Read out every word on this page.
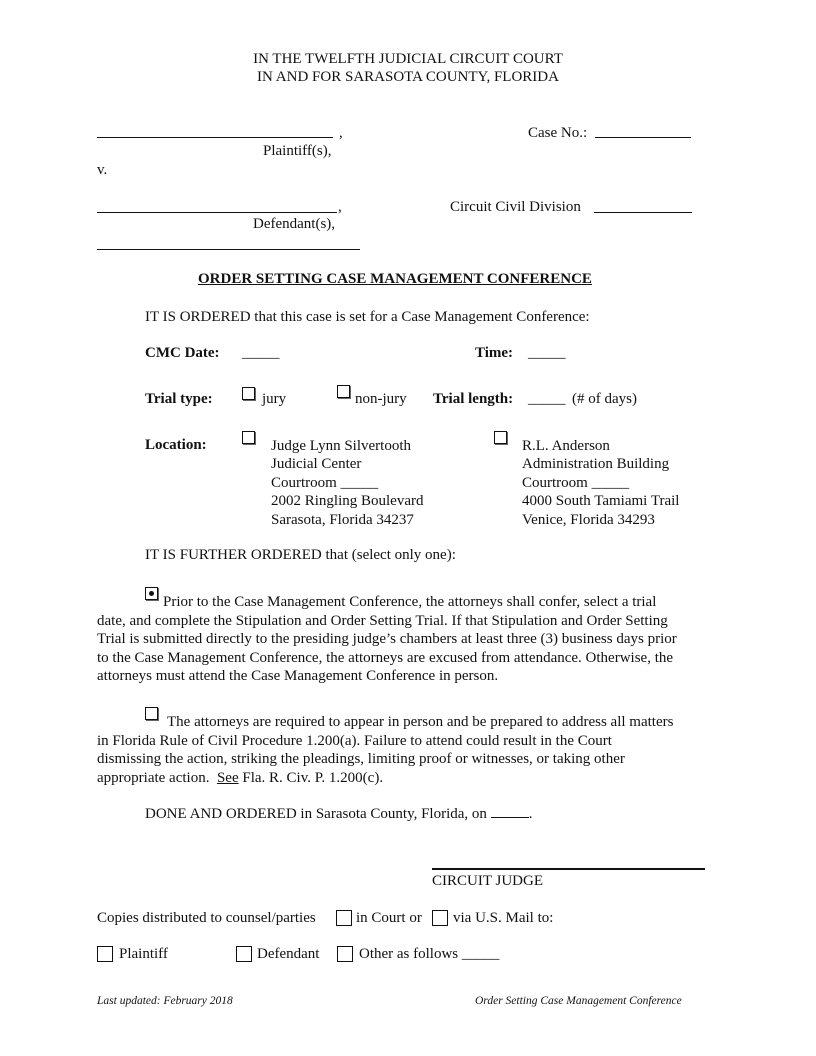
IN THE TWELFTH JUDICIAL CIRCUIT COURT
IN AND FOR SARASOTA COUNTY, FLORIDA
,
Plaintiff(s),
v.
,
Defendant(s),
Case No.:
Circuit Civil Division
ORDER SETTING CASE MANAGEMENT CONFERENCE
IT IS ORDERED that this case is set for a Case Management Conference:
CMC Date: _____	Time: _____
Trial type:	jury	non-jury Trial length: _____ (# of days)
Location:	Judge Lynn Silvertooth
Judicial Center
Courtroom _____
2002 Ringling Boulevard
Sarasota, Florida 34237
R.L. Anderson
Administration Building
Courtroom _____
4000 South Tamiami Trail
Venice, Florida 34293
IT IS FURTHER ORDERED that (select only one):
Prior to the Case Management Conference, the attorneys shall confer, select a trial
date, and complete the Stipulation and Order Setting Trial. If that Stipulation and Order Setting
Trial is submitted directly to the presiding judge’s chambers at least three (3) business days prior
to the Case Management Conference, the attorneys are excused from attendance. Otherwise, the
attorneys must attend the Case Management Conference in person.
The attorneys are required to appear in person and be prepared to address all matters
in Florida Rule of Civil Procedure 1.200(a). Failure to attend could result in the Court
dismissing the action, striking the pleadings, limiting proof or witnesses, or taking other
appropriate action.  See Fla. R. Civ. P. 1.200(c).
DONE AND ORDERED in Sarasota County, Florida, on	.
CIRCUIT JUDGE
Copies distributed to counsel/parties	in Court or via U.S. Mail to:
Plaintiff	Defendant	Other as follows _____
Last updated: February 2018	Order Setting Case Management Conference
